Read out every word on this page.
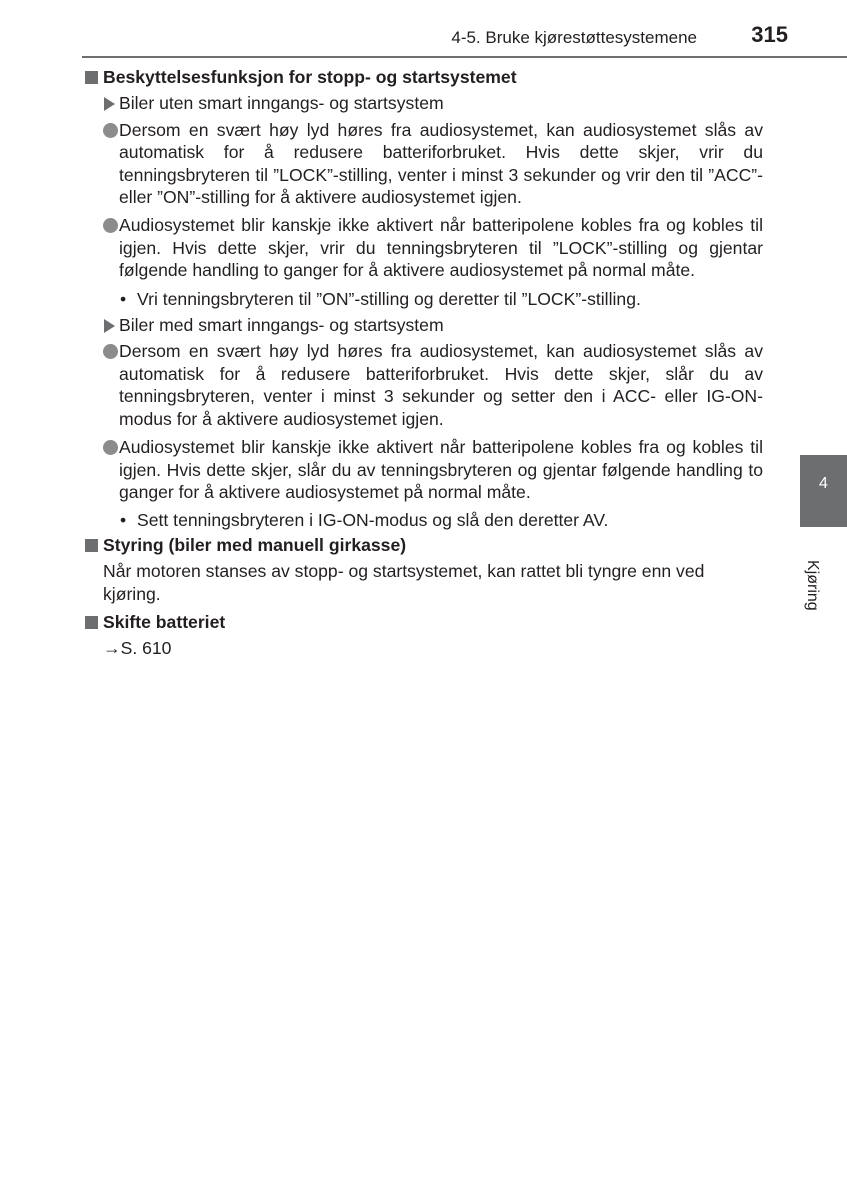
4-5. Bruke kjørestøttesystemene 315
Beskyttelsesfunksjon for stopp- og startsystemet
Biler uten smart inngangs- og startsystem
Dersom en svært høy lyd høres fra audiosystemet, kan audiosystemet slås av automatisk for å redusere batteriforbruket. Hvis dette skjer, vrir du tenningsbryteren til ”LOCK”-stilling, venter i minst 3 sekunder og vrir den til ”ACC”- eller ”ON”-stilling for å aktivere audiosystemet igjen.
Audiosystemet blir kanskje ikke aktivert når batteripolene kobles fra og kobles til igjen. Hvis dette skjer, vrir du tenningsbryteren til ”LOCK”-stilling og gjentar følgende handling to ganger for å aktivere audiosystemet på normal måte.
• Vri tenningsbryteren til ”ON”-stilling og deretter til ”LOCK”-stilling.
Biler med smart inngangs- og startsystem
Dersom en svært høy lyd høres fra audiosystemet, kan audiosystemet slås av automatisk for å redusere batteriforbruket. Hvis dette skjer, slår du av tenningsbryteren, venter i minst 3 sekunder og setter den i ACC- eller IG-ON-modus for å aktivere audiosystemet igjen.
Audiosystemet blir kanskje ikke aktivert når batteripolene kobles fra og kobles til igjen. Hvis dette skjer, slår du av tenningsbryteren og gjentar følgende handling to ganger for å aktivere audiosystemet på normal måte.
• Sett tenningsbryteren i IG-ON-modus og slå den deretter AV.
Styring (biler med manuell girkasse)
Når motoren stanses av stopp- og startsystemet, kan rattet bli tyngre enn ved kjøring.
Skifte batteriet
→S. 610
4
Kjøring
